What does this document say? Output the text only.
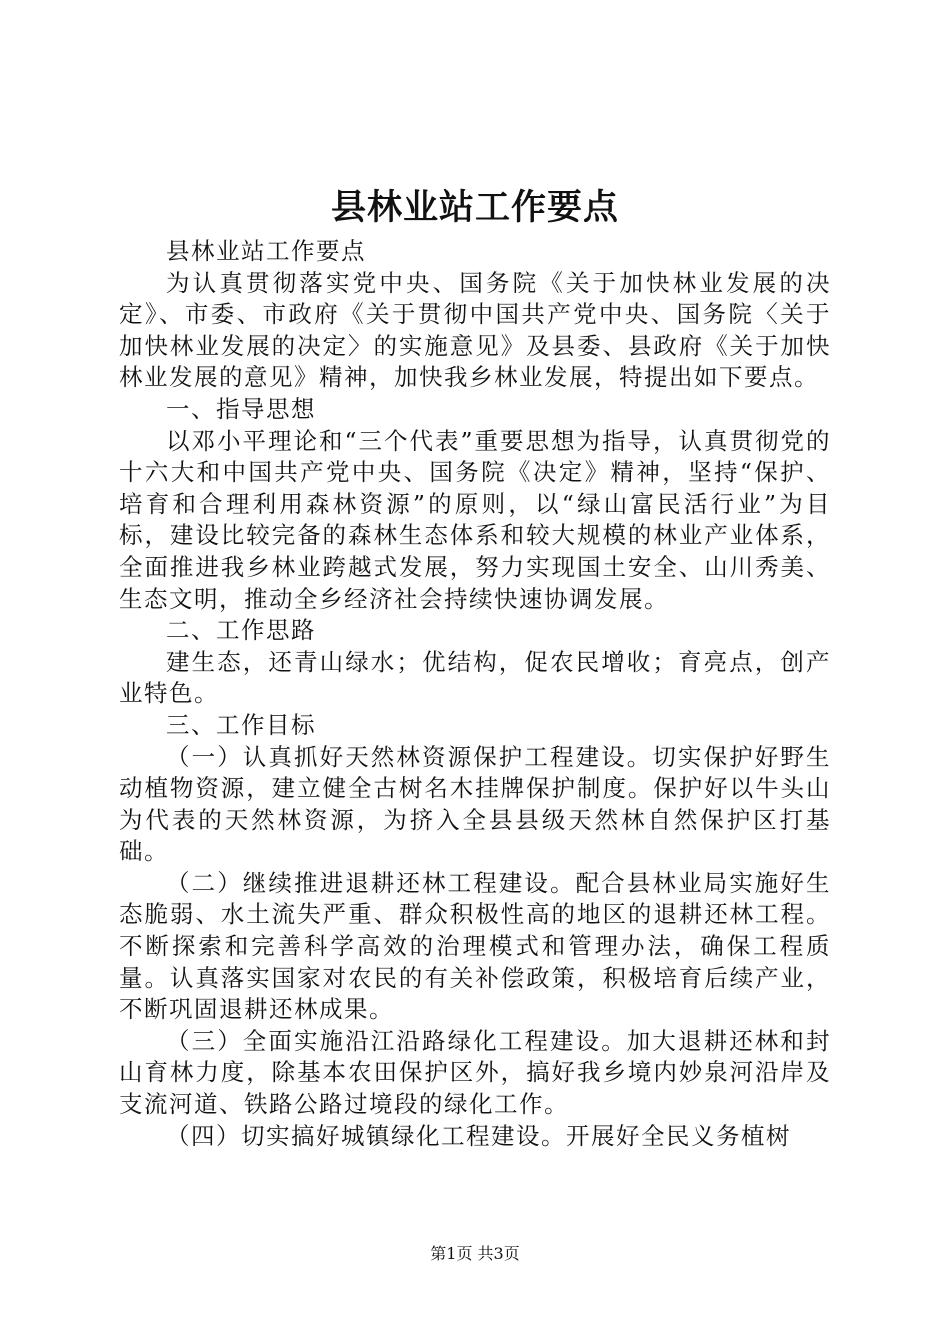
县林业站工作要点

县林业站工作要点

为认真贯彻落实党中央、国务院《关于加快林业发展的决定》、市委、市政府《关于贯彻中国共产党中央、国务院〈关于加快林业发展的决定〉的实施意见》及县委、县政府《关于加快林业发展的意见》精神，加快我乡林业发展，特提出如下要点。

一、指导思想

以邓小平理论和“三个代表”重要思想为指导，认真贯彻党的十六大和中国共产党中央、国务院《决定》精神，坚持“保护、培育和合理利用森林资源”的原则，以“绿山富民活行业”为目标，建设比较完备的森林生态体系和较大规模的林业产业体系，全面推进我乡林业跨越式发展，努力实现国土安全、山川秀美、生态文明，推动全乡经济社会持续快速协调发展。

二、工作思路

建生态，还青山绿水；优结构，促农民增收；育亮点，创产业特色。

三、工作目标

（一）认真抓好天然林资源保护工程建设。切实保护好野生动植物资源，建立健全古树名木挂牌保护制度。保护好以牛头山为代表的天然林资源，为挤入全县县级天然林自然保护区打基础。

（二）继续推进退耕还林工程建设。配合县林业局实施好生态脆弱、水土流失严重、群众积极性高的地区的退耕还林工程。不断探索和完善科学高效的治理模式和管理办法，确保工程质量。认真落实国家对农民的有关补偿政策，积极培育后续产业，不断巩固退耕还林成果。

（三）全面实施沿江沿路绿化工程建设。加大退耕还林和封山育林力度，除基本农田保护区外，搞好我乡境内妙泉河沿岸及支流河道、铁路公路过境段的绿化工作。

（四）切实搞好城镇绿化工程建设。开展好全民义务植树

第1页 共3页
